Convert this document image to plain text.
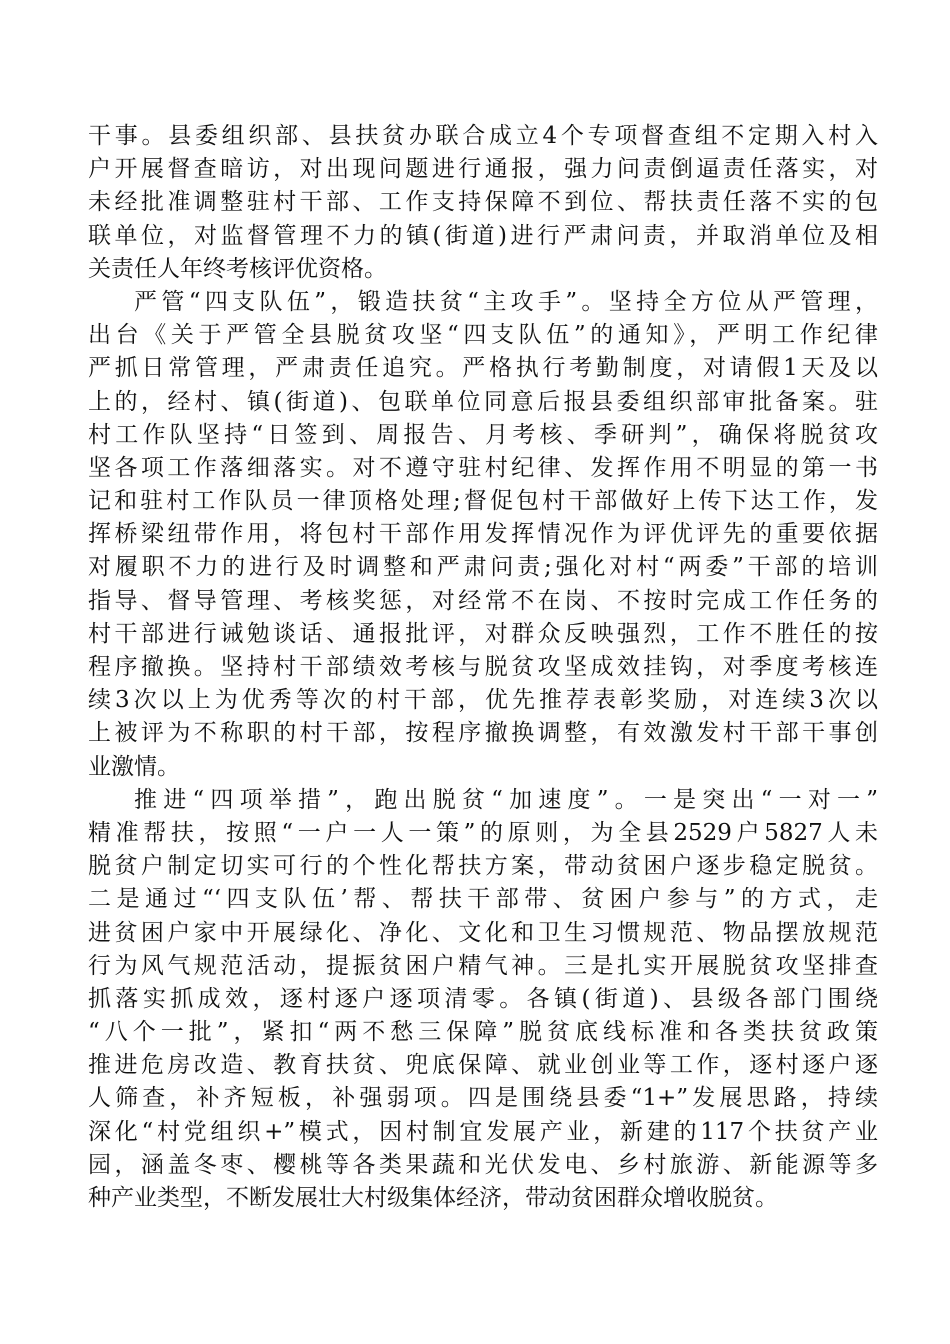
干事。县委组织部、县扶贫办联合成立4个专项督查组不定期入村入
户开展督查暗访，对出现问题进行通报，强力问责倒逼责任落实，对
未经批准调整驻村干部、工作支持保障不到位、帮扶责任落不实的包
联单位，对监督管理不力的镇(街道)进行严肃问责，并取消单位及相
关责任人年终考核评优资格。
严管“四支队伍”，锻造扶贫“主攻手”。坚持全方位从严管理，
出台《关于严管全县脱贫攻坚“四支队伍”的通知》，严明工作纪律
严抓日常管理，严肃责任追究。严格执行考勤制度，对请假1天及以
上的，经村、镇(街道)、包联单位同意后报县委组织部审批备案。驻
村工作队坚持“日签到、周报告、月考核、季研判”，确保将脱贫攻
坚各项工作落细落实。对不遵守驻村纪律、发挥作用不明显的第一书
记和驻村工作队员一律顶格处理;督促包村干部做好上传下达工作，发
挥桥梁纽带作用，将包村干部作用发挥情况作为评优评先的重要依据
对履职不力的进行及时调整和严肃问责;强化对村“两委”干部的培训
指导、督导管理、考核奖惩，对经常不在岗、不按时完成工作任务的
村干部进行诫勉谈话、通报批评，对群众反映强烈，工作不胜任的按
程序撤换。坚持村干部绩效考核与脱贫攻坚成效挂钩，对季度考核连
续3次以上为优秀等次的村干部，优先推荐表彰奖励，对连续3次以
上被评为不称职的村干部，按程序撤换调整，有效激发村干部干事创
业激情。
推进“四项举措”，跑出脱贫“加速度”。一是突出“一对一”
精准帮扶，按照“一户一人一策”的原则，为全县2529户5827人未
脱贫户制定切实可行的个性化帮扶方案，带动贫困户逐步稳定脱贫。
二是通过“‘四支队伍’帮、帮扶干部带、贫困户参与”的方式，走
进贫困户家中开展绿化、净化、文化和卫生习惯规范、物品摆放规范
行为风气规范活动，提振贫困户精气神。三是扎实开展脱贫攻坚排查
抓落实抓成效，逐村逐户逐项清零。各镇(街道)、县级各部门围绕
“八个一批”，紧扣“两不愁三保障”脱贫底线标准和各类扶贫政策
推进危房改造、教育扶贫、兜底保障、就业创业等工作，逐村逐户逐
人筛查，补齐短板，补强弱项。四是围绕县委“1+”发展思路，持续
深化“村党组织+”模式，因村制宜发展产业，新建的117个扶贫产业
园，涵盖冬枣、樱桃等各类果蔬和光伏发电、乡村旅游、新能源等多
种产业类型，不断发展壮大村级集体经济，带动贫困群众增收脱贫。
